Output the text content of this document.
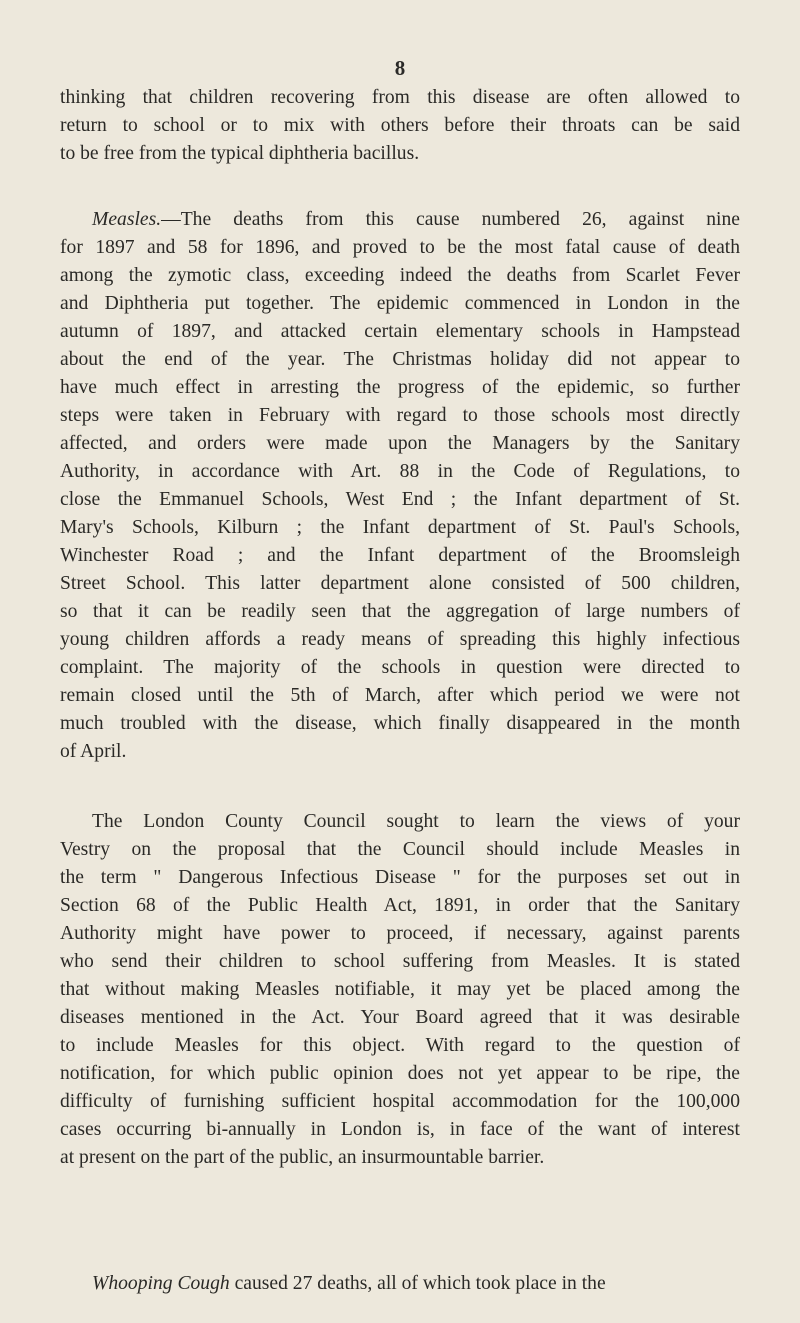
8
thinking that children recovering from this disease are often allowed to
return to school or to mix with others before their throats can be said
to be free from the typical diphtheria bacillus.
Measles.—The deaths from this cause numbered 26, against nine
for 1897 and 58 for 1896, and proved to be the most fatal cause of death
among the zymotic class, exceeding indeed the deaths from Scarlet Fever
and Diphtheria put together. The epidemic commenced in London in the
autumn of 1897, and attacked certain elementary schools in Hampstead
about the end of the year. The Christmas holiday did not appear to
have much effect in arresting the progress of the epidemic, so further
steps were taken in February with regard to those schools most directly
affected, and orders were made upon the Managers by the Sanitary
Authority, in accordance with Art. 88 in the Code of Regulations, to
close the Emmanuel Schools, West End ; the Infant department of St.
Mary's Schools, Kilburn ; the Infant department of St. Paul's Schools,
Winchester Road ; and the Infant department of the Broomsleigh
Street School. This latter department alone consisted of 500 children,
so that it can be readily seen that the aggregation of large numbers of
young children affords a ready means of spreading this highly infectious
complaint. The majority of the schools in question were directed to
remain closed until the 5th of March, after which period we were not
much troubled with the disease, which finally disappeared in the month
of April.
The London County Council sought to learn the views of your
Vestry on the proposal that the Council should include Measles in
the term " Dangerous Infectious Disease " for the purposes set out in
Section 68 of the Public Health Act, 1891, in order that the Sanitary
Authority might have power to proceed, if necessary, against parents
who send their children to school suffering from Measles. It is stated
that without making Measles notifiable, it may yet be placed among the
diseases mentioned in the Act. Your Board agreed that it was desirable
to include Measles for this object. With regard to the question of
notification, for which public opinion does not yet appear to be ripe, the
difficulty of furnishing sufficient hospital accommodation for the 100,000
cases occurring bi-annually in London is, in face of the want of interest
at present on the part of the public, an insurmountable barrier.
Whooping Cough caused 27 deaths, all of which took place in the
